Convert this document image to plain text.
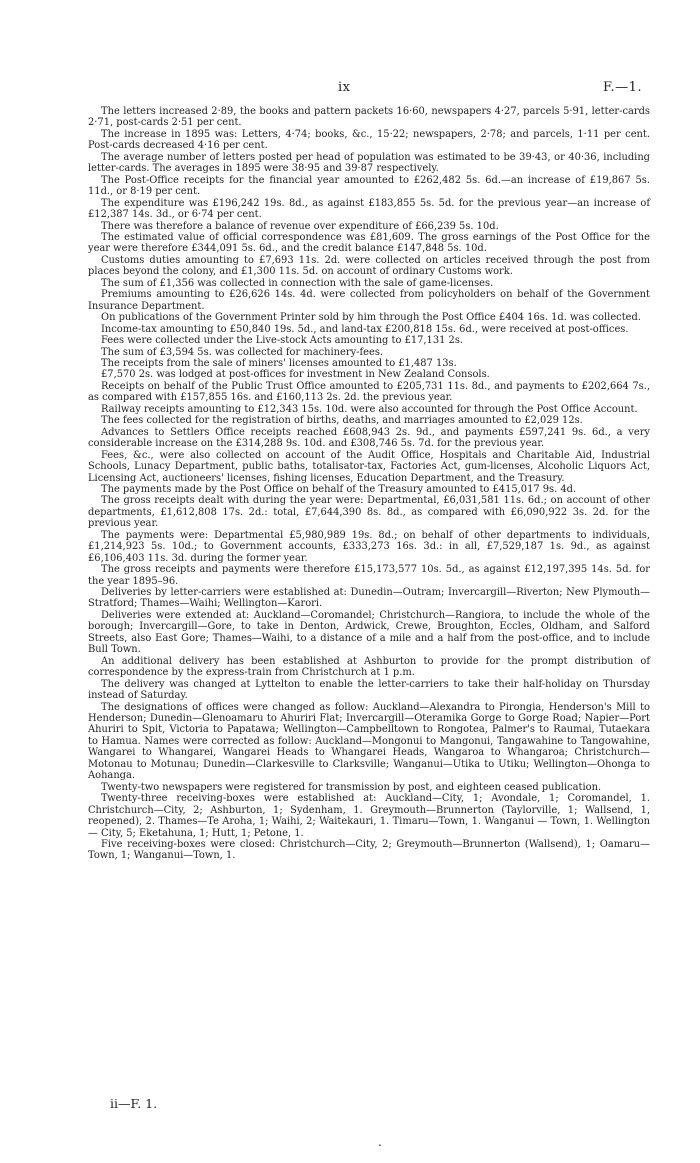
ix	F.—1.

The letters increased 2·89, the books and pattern packets 16·60, newspapers 4·27, parcels 5·91, letter-cards 2·71, post-cards 2·51 per cent.

The increase in 1895 was: Letters, 4·74; books, &c., 15·22; newspapers, 2·78; and parcels, 1·11 per cent. Post-cards decreased 4·16 per cent.

The average number of letters posted per head of population was estimated to be 39·43, or 40·36, including letter-cards. The averages in 1895 were 38·95 and 39·87 respectively.

The Post-Office receipts for the financial year amounted to £262,482 5s. 6d.—an increase of £19,867 5s. 11d., or 8·19 per cent.

The expenditure was £196,242 19s. 8d., as against £183,855 5s. 5d. for the previous year—an increase of £12,387 14s. 3d., or 6·74 per cent.

There was therefore a balance of revenue over expenditure of £66,239 5s. 10d.

The estimated value of official correspondence was £81,609. The gross earnings of the Post Office for the year were therefore £344,091 5s. 6d., and the credit balance £147,848 5s. 10d.

Customs duties amounting to £7,693 11s. 2d. were collected on articles received through the post from places beyond the colony, and £1,300 11s. 5d. on account of ordinary Customs work.

The sum of £1,356 was collected in connection with the sale of game-licenses.

Premiums amounting to £26,626 14s. 4d. were collected from policyholders on behalf of the Government Insurance Department.

On publications of the Government Printer sold by him through the Post Office £404 16s. 1d. was collected.

Income-tax amounting to £50,840 19s. 5d., and land-tax £200,818 15s. 6d., were received at post-offices.

Fees were collected under the Live-stock Acts amounting to £17,131 2s.

The sum of £3,594 5s. was collected for machinery-fees.

The receipts from the sale of miners' licenses amounted to £1,487 13s.

£7,570 2s. was lodged at post-offices for investment in New Zealand Consols.

Receipts on behalf of the Public Trust Office amounted to £205,731 11s. 8d., and payments to £202,664 7s., as compared with £157,855 16s. and £160,113 2s. 2d. the previous year.

Railway receipts amounting to £12,343 15s. 10d. were also accounted for through the Post Office Account.

The fees collected for the registration of births, deaths, and marriages amounted to £2,029 12s.

Advances to Settlers Office receipts reached £608,943 2s. 9d., and payments £597,241 9s. 6d., a very considerable increase on the £314,288 9s. 10d. and £308,746 5s. 7d. for the previous year.

Fees, &c., were also collected on account of the Audit Office, Hospitals and Charitable Aid, Industrial Schools, Lunacy Department, public baths, totalisator-tax, Factories Act, gum-licenses, Alcoholic Liquors Act, Licensing Act, auctioneers' licenses, fishing licenses, Education Department, and the Treasury.

The payments made by the Post Office on behalf of the Treasury amounted to £415,017 9s. 4d.

The gross receipts dealt with during the year were: Departmental, £6,031,581 11s. 6d.; on account of other departments, £1,612,808 17s. 2d.: total, £7,644,390 8s. 8d., as compared with £6,090,922 3s. 2d. for the previous year.

The payments were: Departmental £5,980,989 19s. 8d.; on behalf of other departments to individuals, £1,214,923 5s. 10d.; to Government accounts, £333,273 16s. 3d.: in all, £7,529,187 1s. 9d., as against £6,106,403 11s. 3d. during the former year.

The gross receipts and payments were therefore £15,173,577 10s. 5d., as against £12,197,395 14s. 5d. for the year 1895–96.

Deliveries by letter-carriers were established at: Dunedin—Outram; Invercargill—Riverton; New Plymouth—Stratford; Thames—Waihi; Wellington—Karori.

Deliveries were extended at: Auckland—Coromandel; Christchurch—Rangiora, to include the whole of the borough; Invercargill—Gore, to take in Denton, Ardwick, Crewe, Broughton, Eccles, Oldham, and Salford Streets, also East Gore; Thames—Waihi, to a distance of a mile and a half from the post-office, and to include Bull Town.

An additional delivery has been established at Ashburton to provide for the prompt distribution of correspondence by the express-train from Christchurch at 1 p.m.

The delivery was changed at Lyttelton to enable the letter-carriers to take their half-holiday on Thursday instead of Saturday.

The designations of offices were changed as follow: Auckland—Alexandra to Pirongia, Henderson's Mill to Henderson; Dunedin—Glenoamaru to Ahuriri Flat; Invercargill—Oteramika Gorge to Gorge Road; Napier—Port Ahuriri to Spit, Victoria to Papatawa; Wellington—Campbelltown to Rongotea, Palmer's to Raumai, Tutaekara to Hamua. Names were corrected as follow: Auckland—Mongonui to Mangonui, Tangawahine to Tangowahine, Wangarei to Whangarei, Wangarei Heads to Whangarei Heads, Wangaroa to Whangaroa; Christchurch—Motonau to Motunau; Dunedin—Clarkesville to Clarksville; Wanganui—Utika to Utiku; Wellington—Ohonga to Aohanga.

Twenty-two newspapers were registered for transmission by post, and eighteen ceased publication.

Twenty-three receiving-boxes were established at: Auckland—City, 1; Avondale, 1; Coromandel, 1. Christchurch—City, 2; Ashburton, 1; Sydenham, 1. Greymouth—Brunnerton (Taylorville, 1; Wallsend, 1, reopened), 2. Thames—Te Aroha, 1; Waihi, 2; Waitekauri, 1. Timaru—Town, 1. Wanganui — Town, 1. Wellington — City, 5; Eketahuna, 1; Hutt, 1; Petone, 1.

Five receiving-boxes were closed: Christchurch—City, 2; Greymouth—Brunnerton (Wallsend), 1; Oamaru—Town, 1; Wanganui—Town, 1.

ii—F. 1.
.
